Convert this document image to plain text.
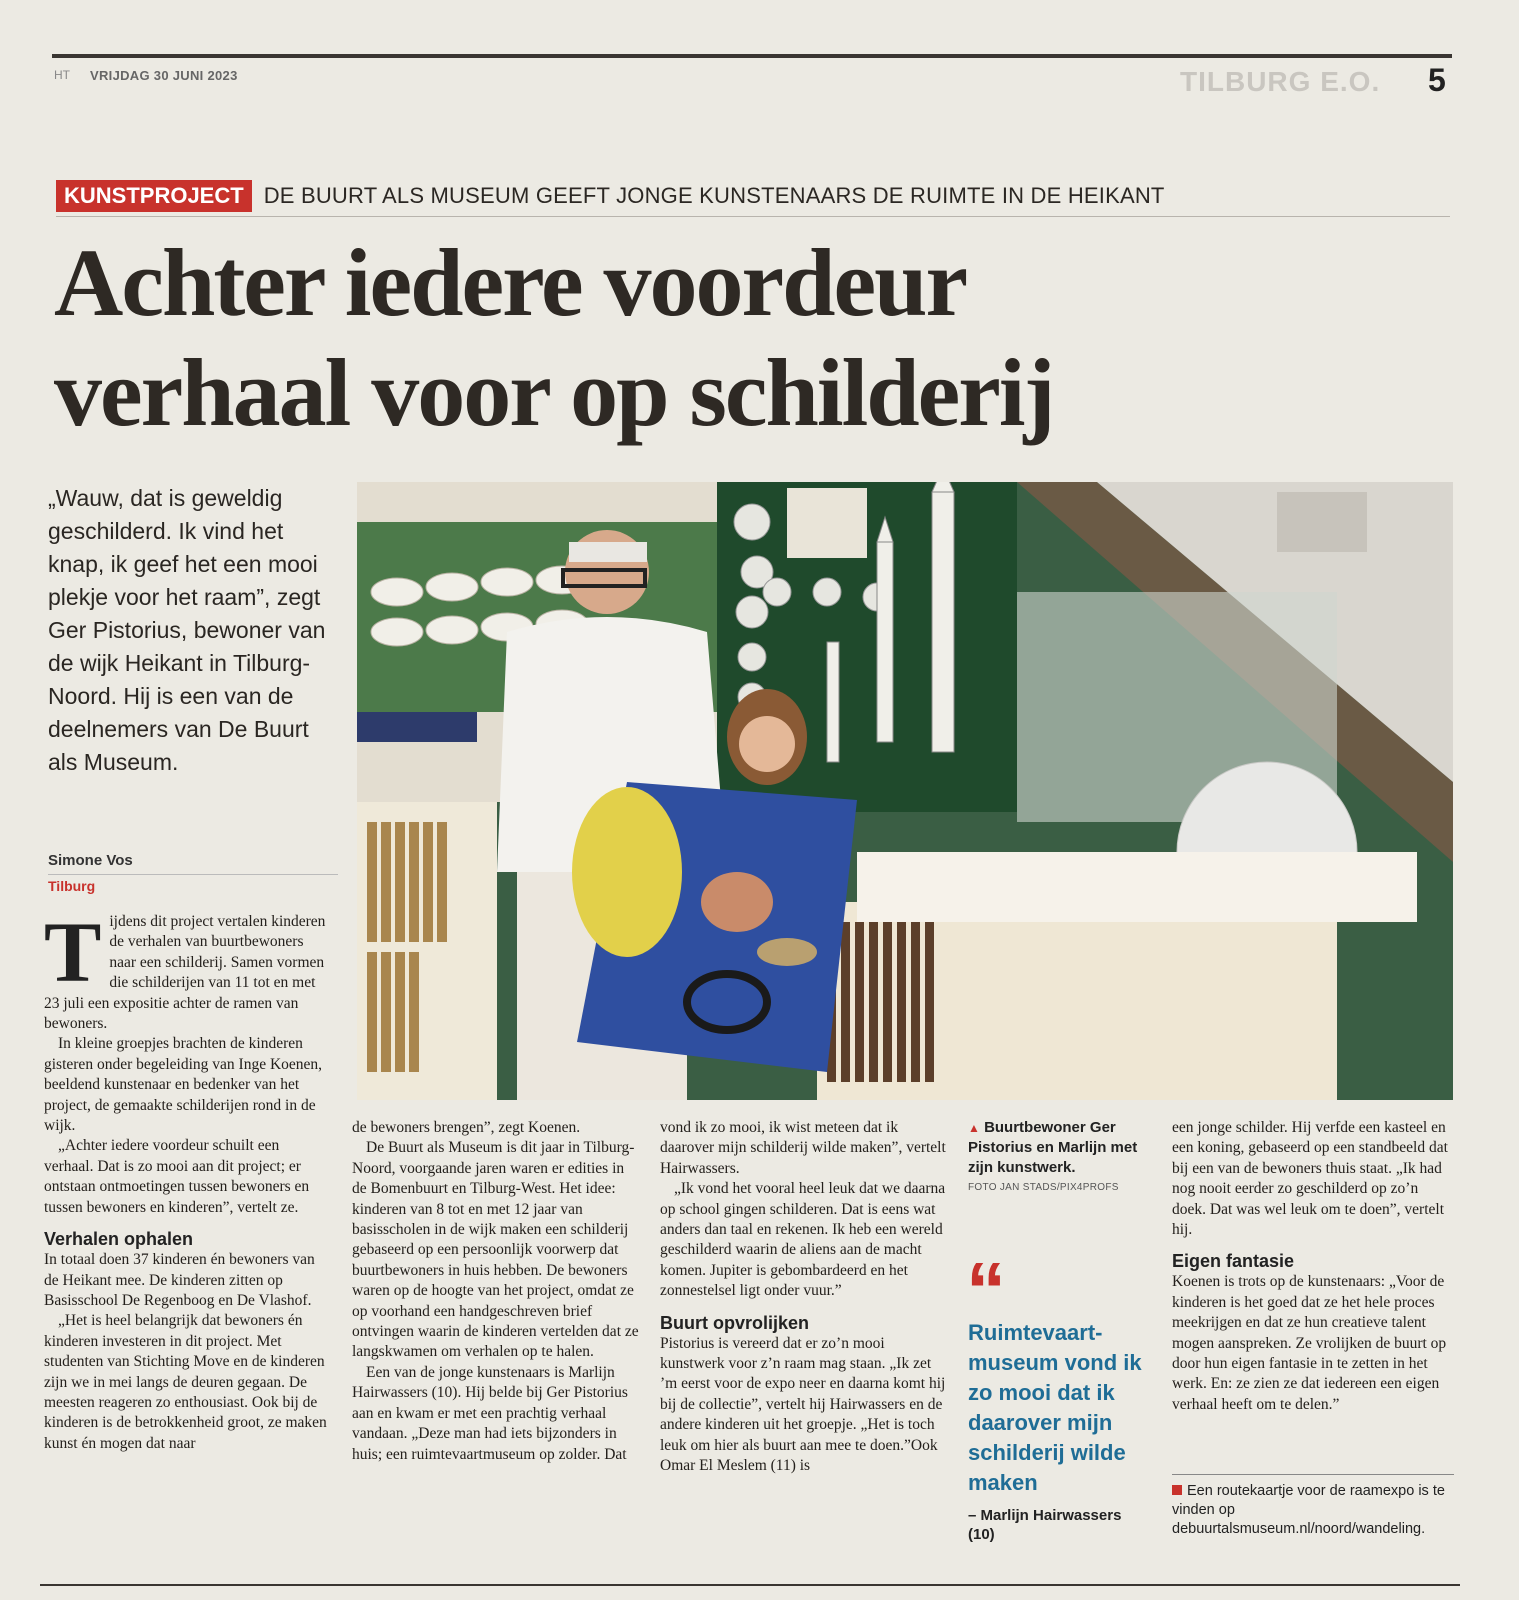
HT VRIJDAG 30 JUNI 2023	TILBURG E.O. 5
KUNSTPROJECT DE BUURT ALS MUSEUM GEEFT JONGE KUNSTENAARS DE RUIMTE IN DE HEIKANT
Achter iedere voordeur
verhaal voor op schilderij

„Wauw, dat is geweldig geschilderd. Ik vind het knap, ik geef het een mooi plekje voor het raam”, zegt Ger Pistorius, bewoner van de wijk Heikant in Tilburg-Noord. Hij is een van de deelnemers van De Buurt als Museum.

Simone Vos
Tilburg

Tijdens dit project vertalen kinderen de verhalen van buurtbewoners naar een schilderij. Samen vormen die schilderijen van 11 tot en met 23 juli een expositie achter de ramen van bewoners.

In kleine groepjes brachten de kinderen gisteren onder begeleiding van Inge Koenen, beeldend kunstenaar en bedenker van het project, de gemaakte schilderijen rond in de wijk.

„Achter iedere voordeur schuilt een verhaal. Dat is zo mooi aan dit project; er ontstaan ontmoetingen tussen bewoners en tussen bewoners en kinderen”, vertelt ze.

Verhalen ophalen

In totaal doen 37 kinderen én bewoners van de Heikant mee. De kinderen zitten op Basisschool De Regenboog en De Vlashof.

„Het is heel belangrijk dat bewoners én kinderen investeren in dit project. Met studenten van Stichting Move en de kinderen zijn we in mei langs de deuren gegaan. De meesten reageren zo enthousiast. Ook bij de kinderen is de betrokkenheid groot, ze maken kunst én mogen dat naar

de bewoners brengen”, zegt Koenen.

De Buurt als Museum is dit jaar in Tilburg-Noord, voorgaande jaren waren er edities in de Bomenbuurt en Tilburg-West. Het idee: kinderen van 8 tot en met 12 jaar van basisscholen in de wijk maken een schilderij gebaseerd op een persoonlijk voorwerp dat buurtbewoners in huis hebben. De bewoners waren op de hoogte van het project, omdat ze op voorhand een handgeschreven brief ontvingen waarin de kinderen vertelden dat ze langskwamen om verhalen op te halen.

Een van de jonge kunstenaars is Marlijn Hairwassers (10). Hij belde bij Ger Pistorius aan en kwam er met een prachtig verhaal vandaan. „Deze man had iets bijzonders in huis; een ruimtevaartmuseum op zolder. Dat

vond ik zo mooi, ik wist meteen dat ik daarover mijn schilderij wilde maken”, vertelt Hairwassers.

„Ik vond het vooral heel leuk dat we daarna op school gingen schilderen. Dat is eens wat anders dan taal en rekenen. Ik heb een wereld geschilderd waarin de aliens aan de macht komen. Jupiter is gebombardeerd en het zonnestelsel ligt onder vuur.”

Buurt opvrolijken

Pistorius is vereerd dat er zo’n mooi kunstwerk voor z’n raam mag staan. „Ik zet ’m eerst voor de expo neer en daarna komt hij bij de collectie”, vertelt hij Hairwassers en de andere kinderen uit het groepje. „Het is toch leuk om hier als buurt aan mee te doen.”Ook Omar El Meslem (11) is

▲ Buurtbewoner Ger Pistorius en Marlijn met zijn kunstwerk.
FOTO JAN STADS/PIX4PROFS
“
Ruimtevaart-museum vond ik zo mooi dat ik daarover mijn schilderij wilde maken
– Marlijn Hairwassers (10)

een jonge schilder. Hij verfde een kasteel en een koning, gebaseerd op een standbeeld dat bij een van de bewoners thuis staat. „Ik had nog nooit eerder zo geschilderd op zo’n doek. Dat was wel leuk om te doen”, vertelt hij.

Eigen fantasie

Koenen is trots op de kunstenaars: „Voor de kinderen is het goed dat ze het hele proces meekrijgen en dat ze hun creatieve talent mogen aanspreken. Ze vrolijken de buurt op door hun eigen fantasie in te zetten in het werk. En: ze zien ze dat iedereen een eigen verhaal heeft om te delen.”

Een routekaartje voor de raamexpo is te vinden op debuurtalsmuseum.nl/noord/wandeling.
